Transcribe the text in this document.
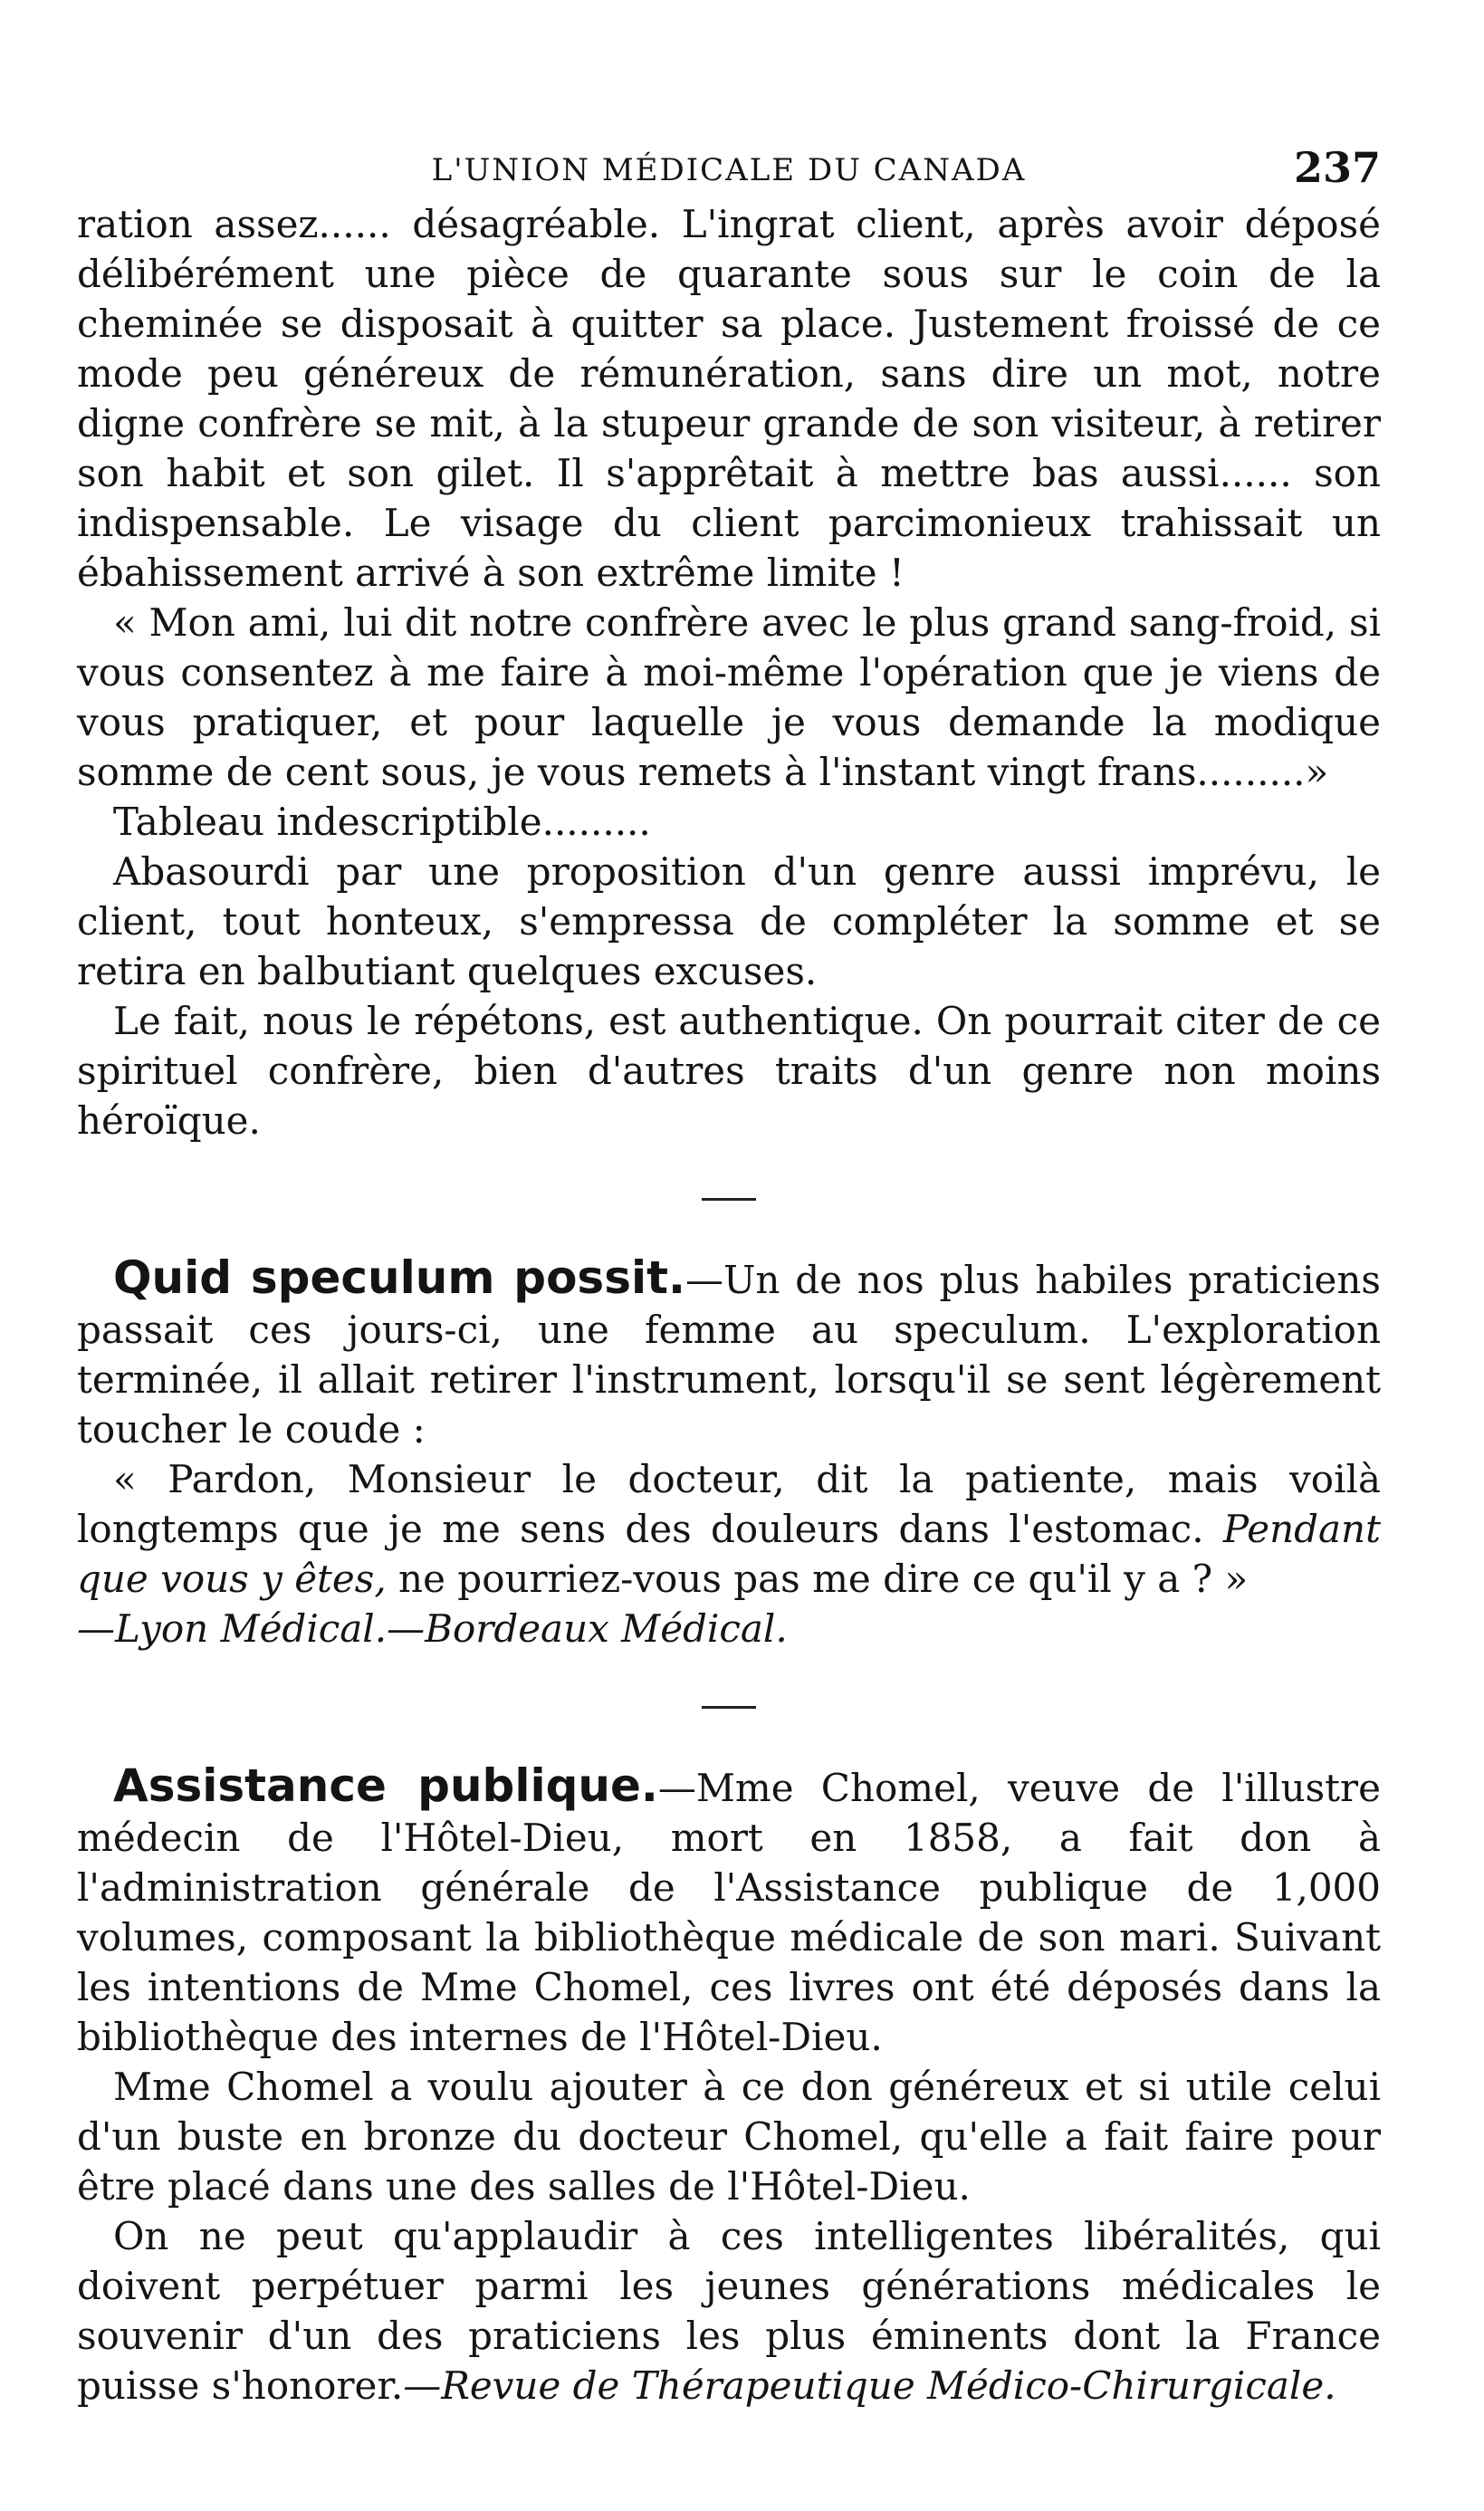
L'UNION MÉDICALE DU CANADA	237

ration assez...... désagréable. L'ingrat client, après avoir déposé délibérément une pièce de quarante sous sur le coin de la cheminée se disposait à quitter sa place. Justement froissé de ce mode peu généreux de rémunération, sans dire un mot, notre digne confrère se mit, à la stupeur grande de son visiteur, à retirer son habit et son gilet. Il s'apprêtait à mettre bas aussi...... son indispensable. Le visage du client parcimonieux trahissait un ébahissement arrivé à son extrême limite !

« Mon ami, lui dit notre confrère avec le plus grand sang-froid, si vous consentez à me faire à moi-même l'opération que je viens de vous pratiquer, et pour laquelle je vous demande la modique somme de cent sous, je vous remets à l'instant vingt frans.........»

Tableau indescriptible.........

Abasourdi par une proposition d'un genre aussi imprévu, le client, tout honteux, s'empressa de compléter la somme et se retira en balbutiant quelques excuses.

Le fait, nous le répétons, est authentique. On pourrait citer de ce spirituel confrère, bien d'autres traits d'un genre non moins héroïque.

Quid speculum possit.—Un de nos plus habiles praticiens passait ces jours-ci, une femme au speculum. L'exploration terminée, il allait retirer l'instrument, lorsqu'il se sent légèrement toucher le coude :

« Pardon, Monsieur le docteur, dit la patiente, mais voilà longtemps que je me sens des douleurs dans l'estomac. Pendant que vous y êtes, ne pourriez-vous pas me dire ce qu'il y a ? »
—Lyon Médical.—Bordeaux Médical.

Assistance publique.—Mme Chomel, veuve de l'illustre médecin de l'Hôtel-Dieu, mort en 1858, a fait don à l'administration générale de l'Assistance publique de 1,000 volumes, composant la bibliothèque médicale de son mari. Suivant les intentions de Mme Chomel, ces livres ont été déposés dans la bibliothèque des internes de l'Hôtel-Dieu.

Mme Chomel a voulu ajouter à ce don généreux et si utile celui d'un buste en bronze du docteur Chomel, qu'elle a fait faire pour être placé dans une des salles de l'Hôtel-Dieu.

On ne peut qu'applaudir à ces intelligentes libéralités, qui doivent perpétuer parmi les jeunes générations médicales le souvenir d'un des praticiens les plus éminents dont la France puisse s'honorer.—Revue de Thérapeutique Médico-Chirurgicale.
